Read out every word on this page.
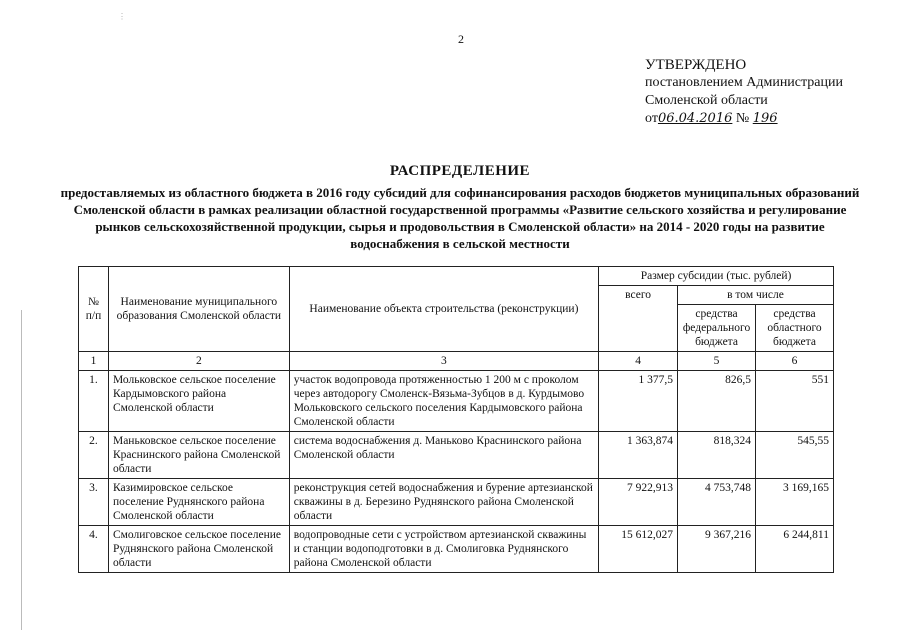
⋮
2
УТВЕРЖДЕНО
постановлением Администрации
Смоленской области
от06.04.2016 № 196
РАСПРЕДЕЛЕНИЕ
предоставляемых из областного бюджета в 2016 году субсидий для софинансирования расходов бюджетов муниципальных образований Смоленской области в рамках реализации областной государственной программы «Развитие сельского хозяйства и регулирование рынков сельскохозяйственной продукции, сырья и продовольствия в Смоленской области» на 2014 - 2020 годы на развитие водоснабжения в сельской местности
№ п/п	Наименование муниципального образования Смоленской области	Наименование объекта строительства (реконструкции)	Размер субсидии (тыс. рублей)		
			всего	в том числе	
				средства федерального бюджета	средства областного бюджета
1	2	3	4	5	6
1.	Мольковское сельское поселение Кардымовского района Смоленской области	участок водопровода протяженностью 1 200 м с проколом через автодорогу Смоленск-Вязьма-Зубцов в д. Курдымово Мольковского сельского поселения Кардымовского района Смоленской области	1 377,5	826,5	551
2.	Маньковское сельское поселение Краснинского района Смоленской области	система водоснабжения д. Маньково Краснинского района Смоленской области	1 363,874	818,324	545,55
3.	Казимировское сельское поселение Руднянского района Смоленской области	реконструкция сетей водоснабжения и бурение артезианской скважины в д. Березино Руднянского района Смоленской области	7 922,913	4 753,748	3 169,165
4.	Смолиговское сельское поселение Руднянского района Смоленской области	водопроводные сети с устройством артезианской скважины и станции водоподготовки в д. Смолиговка Руднянского района Смоленской области	15 612,027	9 367,216	6 244,811
